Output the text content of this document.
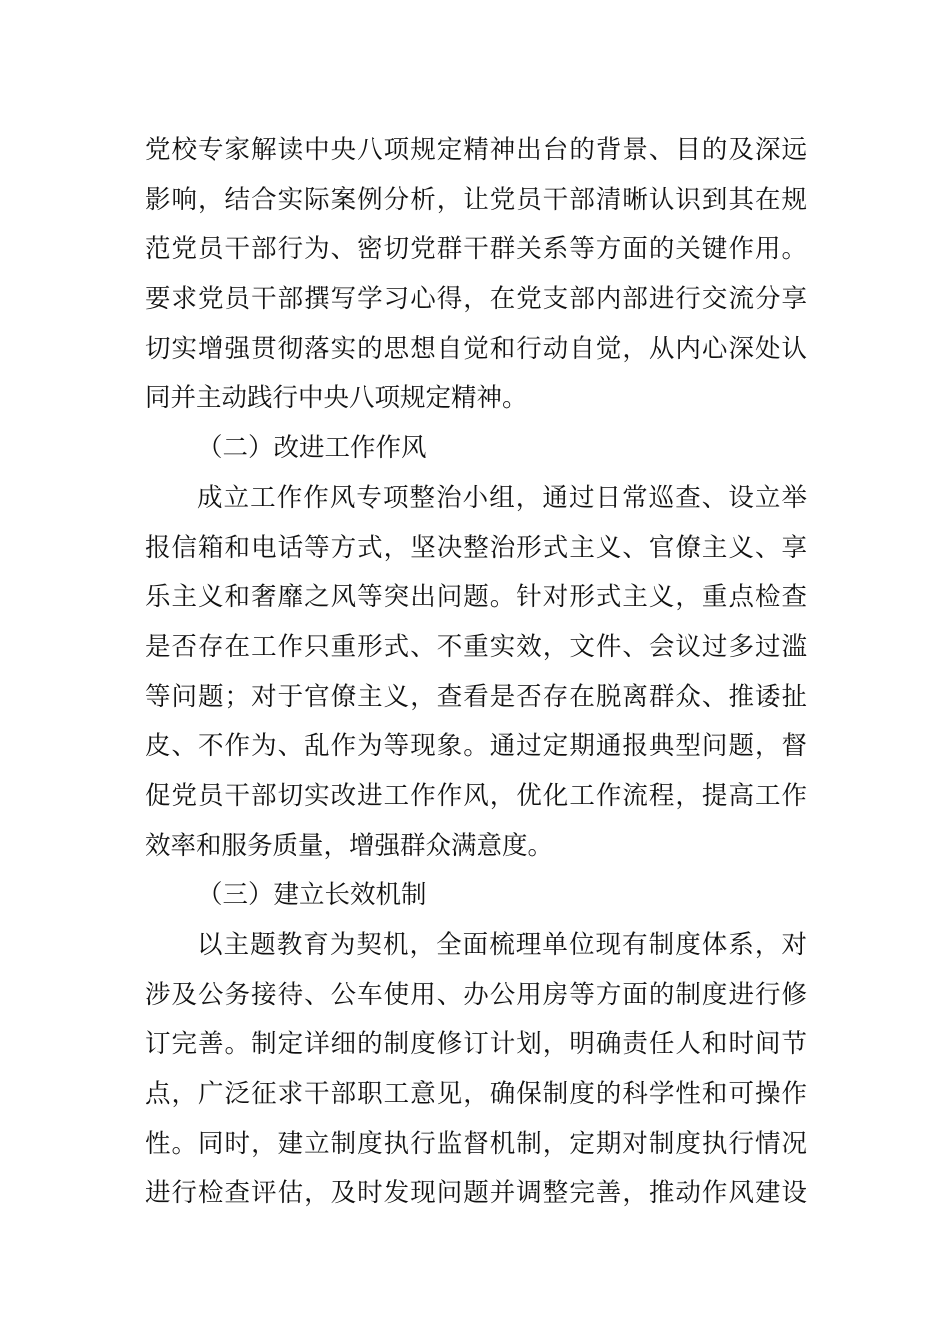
党校专家解读中央八项规定精神出台的背景、目的及深远
影响，结合实际案例分析，让党员干部清晰认识到其在规
范党员干部行为、密切党群干群关系等方面的关键作用。
要求党员干部撰写学习心得，在党支部内部进行交流分享
切实增强贯彻落实的思想自觉和行动自觉，从内心深处认
同并主动践行中央八项规定精神。
（二）改进工作作风
成立工作作风专项整治小组，通过日常巡查、设立举
报信箱和电话等方式，坚决整治形式主义、官僚主义、享
乐主义和奢靡之风等突出问题。针对形式主义，重点检查
是否存在工作只重形式、不重实效，文件、会议过多过滥
等问题；对于官僚主义，查看是否存在脱离群众、推诿扯
皮、不作为、乱作为等现象。通过定期通报典型问题，督
促党员干部切实改进工作作风，优化工作流程，提高工作
效率和服务质量，增强群众满意度。
（三）建立长效机制
以主题教育为契机，全面梳理单位现有制度体系，对
涉及公务接待、公车使用、办公用房等方面的制度进行修
订完善。制定详细的制度修订计划，明确责任人和时间节
点，广泛征求干部职工意见，确保制度的科学性和可操作
性。同时，建立制度执行监督机制，定期对制度执行情况
进行检查评估，及时发现问题并调整完善，推动作风建设
